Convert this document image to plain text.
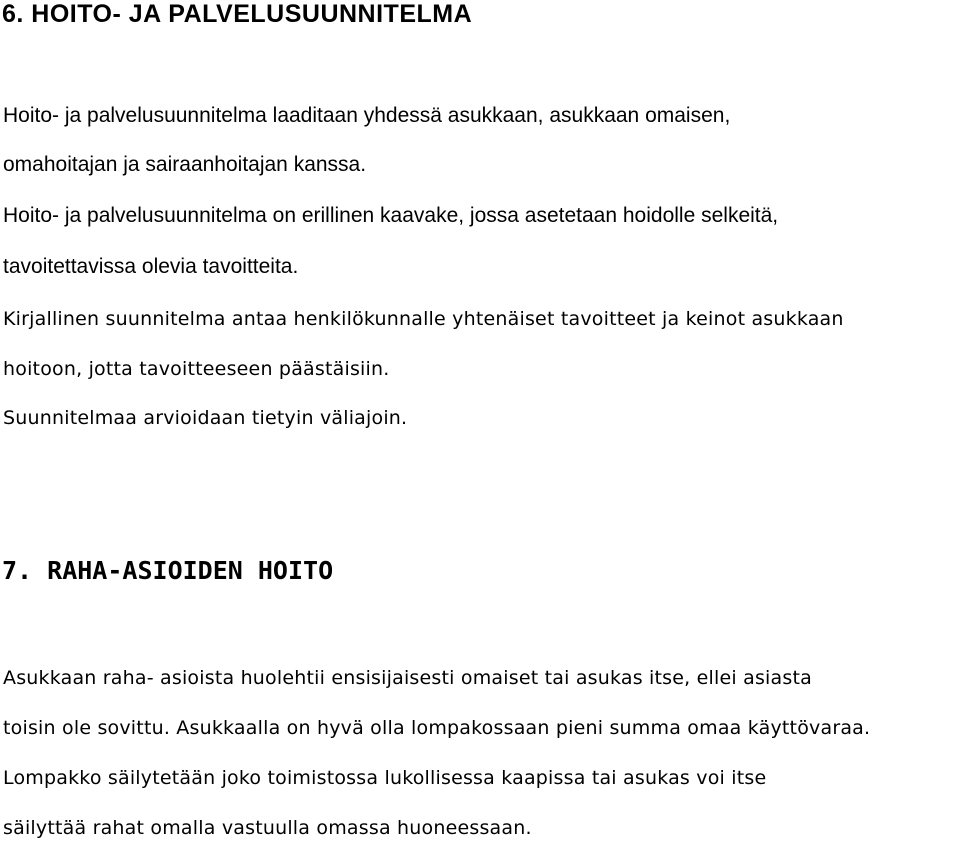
6. HOITO- JA PALVELUSUUNNITELMA

Hoito- ja palvelusuunnitelma laaditaan yhdessä asukkaan, asukkaan omaisen,

omahoitajan ja sairaanhoitajan kanssa.

Hoito- ja palvelusuunnitelma on erillinen kaavake, jossa asetetaan hoidolle selkeitä,

tavoitettavissa olevia tavoitteita.

Kirjallinen suunnitelma antaa henkilökunnalle yhtenäiset tavoitteet ja keinot asukkaan

hoitoon, jotta tavoitteeseen päästäisiin.

Suunnitelmaa arvioidaan tietyin väliajoin.

7. RAHA-ASIOIDEN HOITO

Asukkaan raha- asioista huolehtii ensisijaisesti omaiset tai asukas itse, ellei asiasta

toisin ole sovittu. Asukkaalla on hyvä olla lompakossaan pieni summa omaa käyttövaraa.

Lompakko säilytetään joko toimistossa lukollisessa kaapissa tai asukas voi itse

säilyttää rahat omalla vastuulla omassa huoneessaan.
